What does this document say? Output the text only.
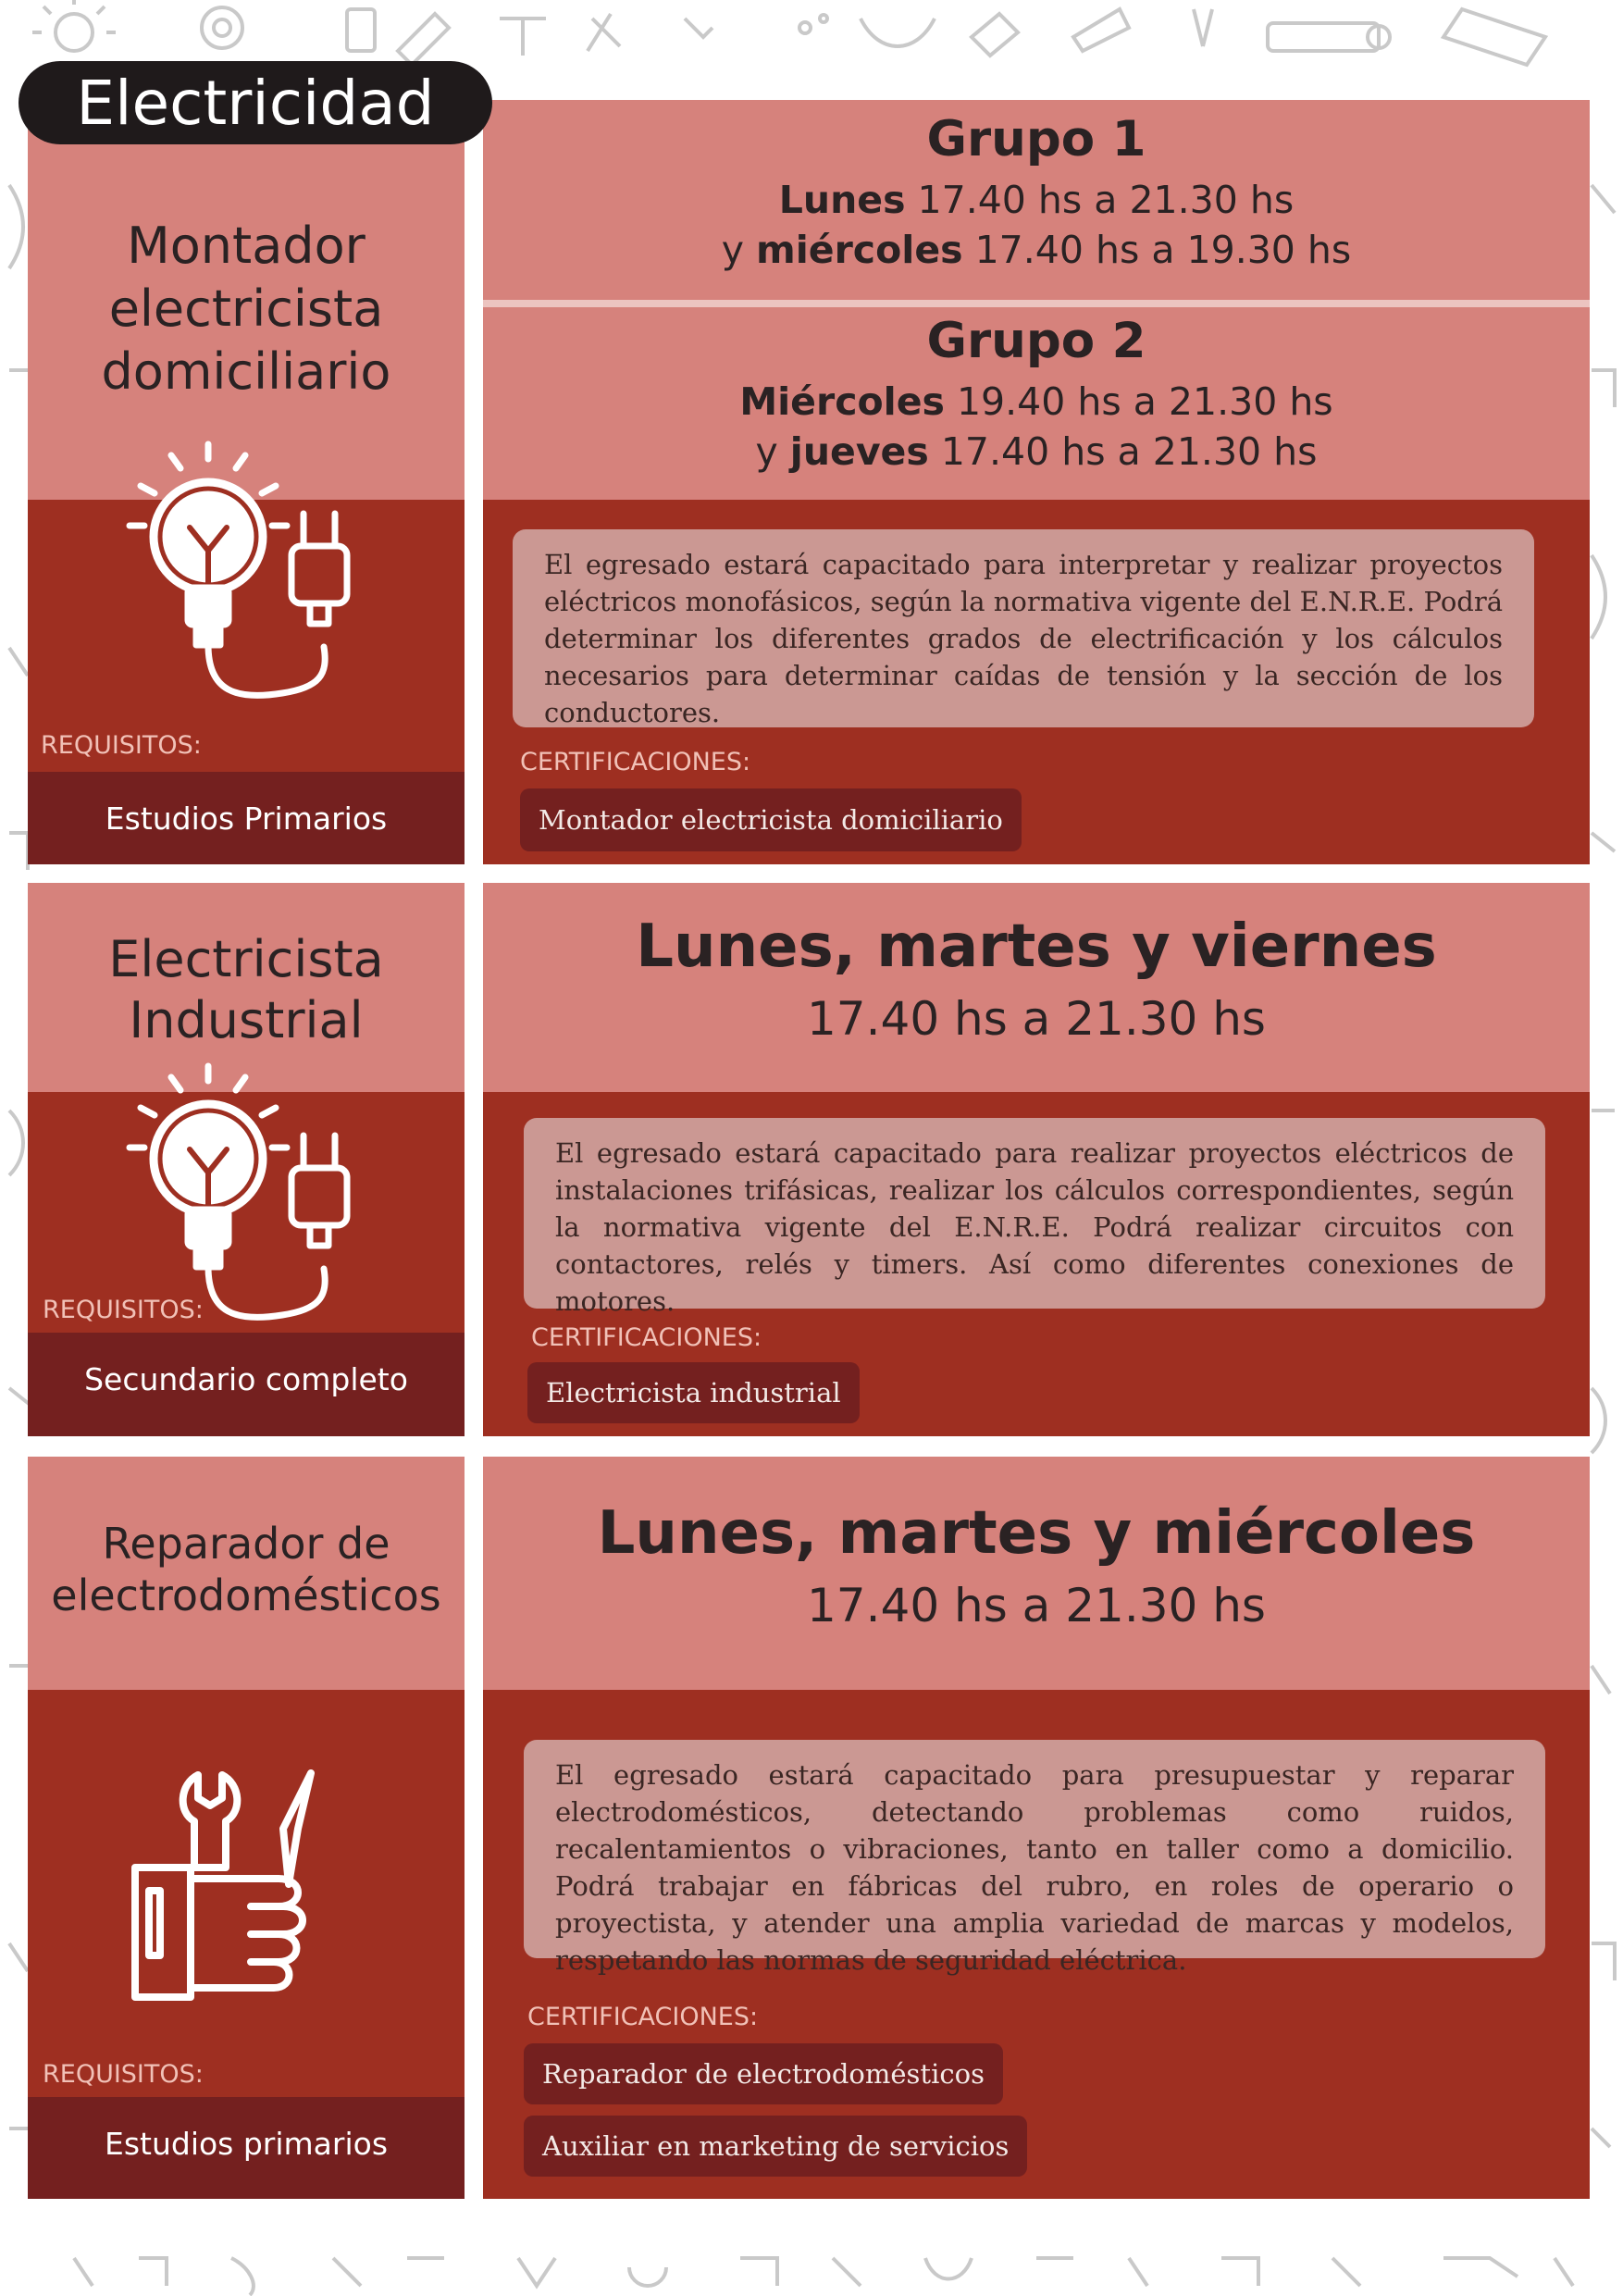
Electricidad
Montador
electricista
domiciliario
REQUISITOS:
Estudios Primarios
Grupo 1
Lunes 17.40 hs a 21.30 hs
y miércoles 17.40 hs a 19.30 hs
Grupo 2
Miércoles 19.40 hs a 21.30 hs
y jueves 17.40 hs a 21.30 hs
El egresado estará capacitado para interpretar y realizar proyectos eléctricos monofásicos, según la normativa vigente del E.N.R.E. Podrá determinar los diferentes grados de electrificación y los cálculos necesarios para determinar caídas de tensión y la sección de los conductores.
CERTIFICACIONES:
Montador electricista domiciliario
Electricista
Industrial
REQUISITOS:
Secundario completo
Lunes, martes y viernes
17.40 hs a 21.30 hs
El egresado estará capacitado para realizar proyectos eléctricos de instalaciones trifásicas, realizar los cálculos correspondientes, según la normativa vigente del E.N.R.E. Podrá realizar circuitos con contactores, relés y timers. Así como diferentes conexiones de motores.
CERTIFICACIONES:
Electricista industrial
Reparador de
electrodomésticos
REQUISITOS:
Estudios primarios
Lunes, martes y miércoles
17.40 hs a 21.30 hs
El egresado estará capacitado para presupuestar y reparar electrodomésticos, detectando problemas como ruidos, recalentamientos o vibraciones, tanto en taller como a domicilio. Podrá trabajar en fábricas del rubro, en roles de operario o proyectista, y atender una amplia variedad de marcas y modelos, respetando las normas de seguridad eléctrica.
CERTIFICACIONES:
Reparador de electrodomésticos
Auxiliar en marketing de servicios
